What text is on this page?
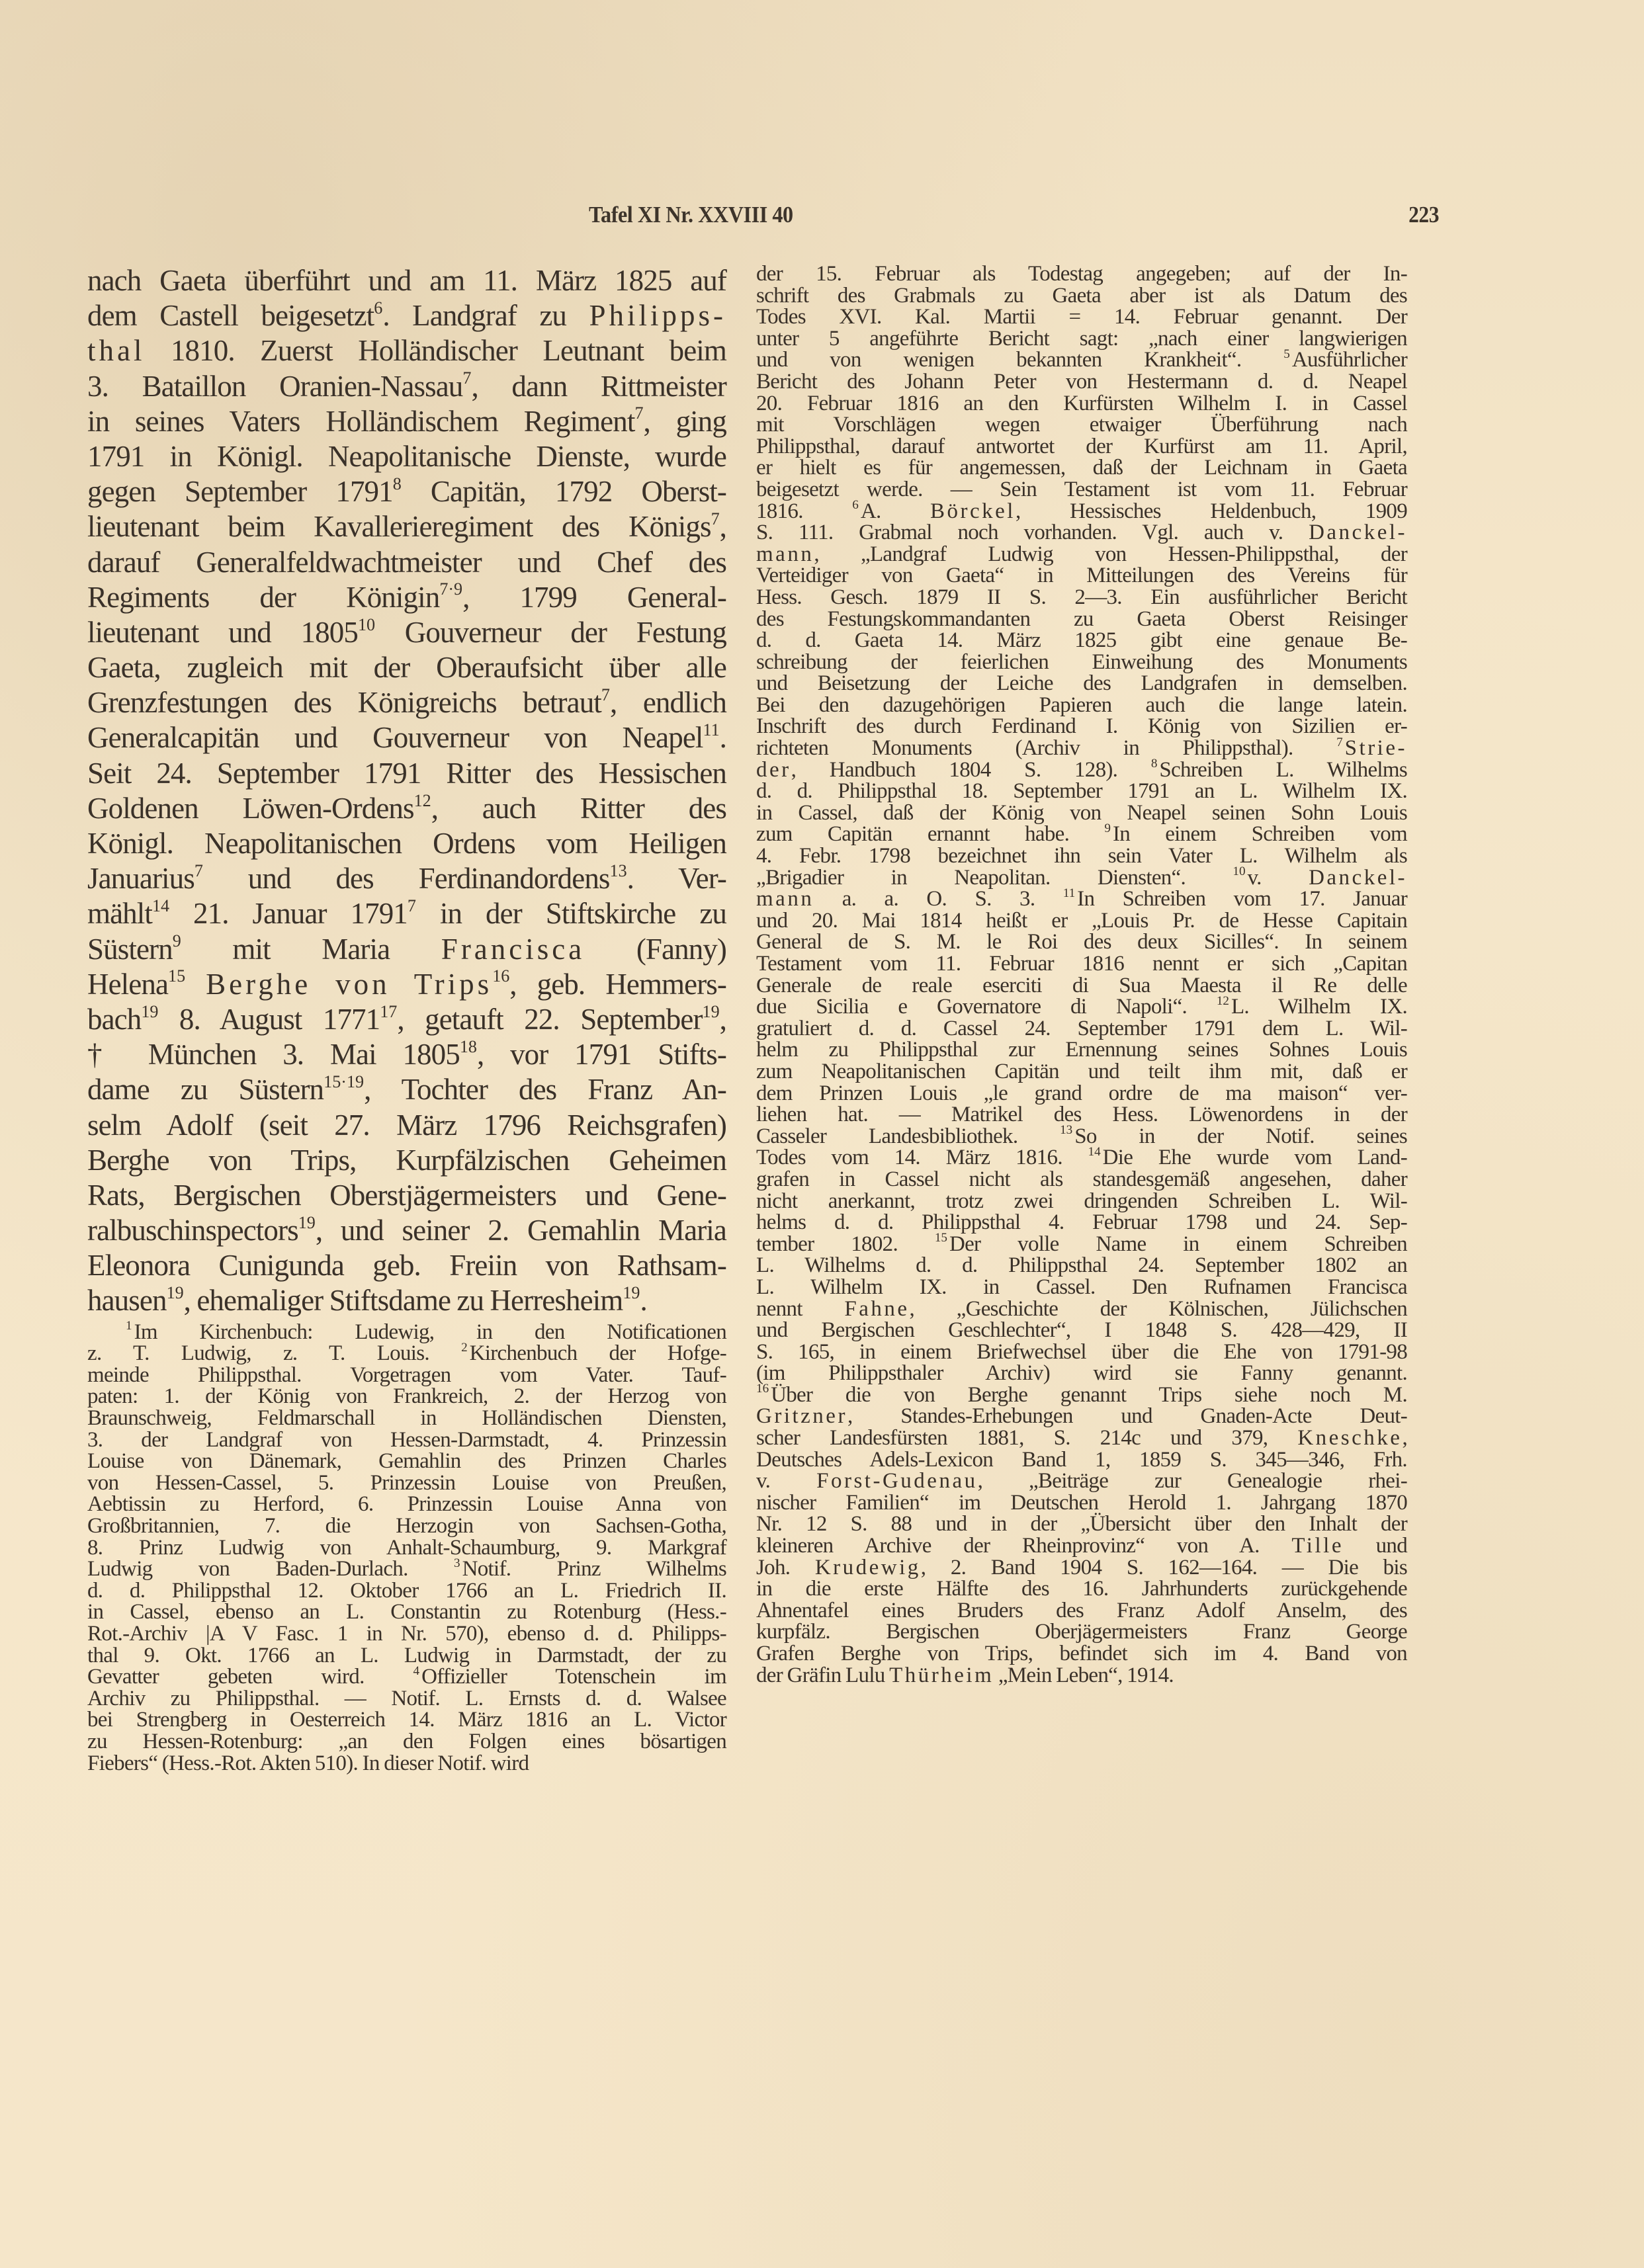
Tafel XI Nr. XXVIII 40	223
nach Gaeta überführt und am 11. März 1825 auf
dem Castell beigesetzt$^6$. Landgraf zu Philipps-
thal 1810. Zuerst Holländischer Leutnant beim
3. Bataillon Oranien-Nassau$^7$, dann Rittmeister
in seines Vaters Holländischem Regiment$^7$, ging
1791 in Königl. Neapolitanische Dienste, wurde
gegen September 1791$^8$ Capitän, 1792 Oberst-
lieutenant beim Kavallerieregiment des Königs$^7$,
darauf Generalfeldwachtmeister und Chef des
Regiments der Königin$^{7\cdot 9}$, 1799 General-
lieutenant und 1805$^{10}$ Gouverneur der Festung
Gaeta, zugleich mit der Oberaufsicht über alle
Grenzfestungen des Königreichs betraut$^7$, endlich
Generalcapitän und Gouverneur von Neapel$^{11}$.
Seit 24. September 1791 Ritter des Hessischen
Goldenen Löwen-Ordens$^{12}$, auch Ritter des
Königl. Neapolitanischen Ordens vom Heiligen
Januarius$^7$ und des Ferdinandordens$^{13}$. Ver-
mählt$^{14}$ 21. Januar 1791$^7$ in der Stiftskirche zu
Süstern$^9$ mit Maria Francisca (Fanny)
Helena$^{15}$ Berghe von Trips$^{16}$, geb. Hemmers-
bach$^{19}$ 8. August 1771$^{17}$, getauft 22. September$^{19}$,
† München 3. Mai 1805$^{18}$, vor 1791 Stifts-
dame zu Süstern$^{15\cdot 19}$, Tochter des Franz An-
selm Adolf (seit 27. März 1796 Reichsgrafen)
Berghe von Trips, Kurpfälzischen Geheimen
Rats, Bergischen Oberstjägermeisters und Gene-
ralbuschinspectors$^{19}$, und seiner 2. Gemahlin Maria
Eleonora Cunigunda geb. Freiin von Rathsam-
hausen$^{19}$, ehemaliger Stiftsdame zu Herresheim$^{19}$.
$^1$Im Kirchenbuch: Ludewig, in den Notificationen
z. T. Ludwig, z. T. Louis. $^2$Kirchenbuch der Hofge-
meinde Philippsthal. Vorgetragen vom Vater. Tauf-
paten: 1. der König von Frankreich, 2. der Herzog von
Braunschweig, Feldmarschall in Holländischen Diensten,
3. der Landgraf von Hessen-Darmstadt, 4. Prinzessin
Louise von Dänemark, Gemahlin des Prinzen Charles
von Hessen-Cassel, 5. Prinzessin Louise von Preußen,
Aebtissin zu Herford, 6. Prinzessin Louise Anna von
Großbritannien, 7. die Herzogin von Sachsen-Gotha,
8. Prinz Ludwig von Anhalt-Schaumburg, 9. Markgraf
Ludwig von Baden-Durlach. $^3$Notif. Prinz Wilhelms
d. d. Philippsthal 12. Oktober 1766 an L. Friedrich II.
in Cassel, ebenso an L. Constantin zu Rotenburg (Hess.-
Rot.-Archiv |A V Fasc. 1 in Nr. 570), ebenso d. d. Philipps-
thal 9. Okt. 1766 an L. Ludwig in Darmstadt, der zu
Gevatter gebeten wird. $^4$Offizieller Totenschein im
Archiv zu Philippsthal. — Notif. L. Ernsts d. d. Walsee
bei Strengberg in Oesterreich 14. März 1816 an L. Victor
zu Hessen-Rotenburg: „an den Folgen eines bösartigen
Fiebers“ (Hess.-Rot. Akten 510). In dieser Notif. wird
der 15. Februar als Todestag angegeben; auf der In-
schrift des Grabmals zu Gaeta aber ist als Datum des
Todes XVI. Kal. Martii = 14. Februar genannt. Der
unter 5 angeführte Bericht sagt: „nach einer langwierigen
und von wenigen bekannten Krankheit“. $^5$Ausführlicher
Bericht des Johann Peter von Hestermann d. d. Neapel
20. Februar 1816 an den Kurfürsten Wilhelm I. in Cassel
mit Vorschlägen wegen etwaiger Überführung nach
Philippsthal, darauf antwortet der Kurfürst am 11. April,
er hielt es für angemessen, daß der Leichnam in Gaeta
beigesetzt werde. — Sein Testament ist vom 11. Februar
1816. $^6$A. Börckel, Hessisches Heldenbuch, 1909
S. 111. Grabmal noch vorhanden. Vgl. auch v. Danckel-
mann, „Landgraf Ludwig von Hessen-Philippsthal, der
Verteidiger von Gaeta“ in Mitteilungen des Vereins für
Hess. Gesch. 1879 II S. 2—3. Ein ausführlicher Bericht
des Festungskommandanten zu Gaeta Oberst Reisinger
d. d. Gaeta 14. März 1825 gibt eine genaue Be-
schreibung der feierlichen Einweihung des Monuments
und Beisetzung der Leiche des Landgrafen in demselben.
Bei den dazugehörigen Papieren auch die lange latein.
Inschrift des durch Ferdinand I. König von Sizilien er-
richteten Monuments (Archiv in Philippsthal). $^7$Strie-
der, Handbuch 1804 S. 128). $^8$Schreiben L. Wilhelms
d. d. Philippsthal 18. September 1791 an L. Wilhelm IX.
in Cassel, daß der König von Neapel seinen Sohn Louis
zum Capitän ernannt habe. $^9$In einem Schreiben vom
4. Febr. 1798 bezeichnet ihn sein Vater L. Wilhelm als
„Brigadier in Neapolitan. Diensten“. $^{10}$v. Danckel-
mann a. a. O. S. 3. $^{11}$In Schreiben vom 17. Januar
und 20. Mai 1814 heißt er „Louis Pr. de Hesse Capitain
General de S. M. le Roi des deux Sicilles“. In seinem
Testament vom 11. Februar 1816 nennt er sich „Capitan
Generale de reale eserciti di Sua Maesta il Re delle
due Sicilia e Governatore di Napoli“. $^{12}$L. Wilhelm IX.
gratuliert d. d. Cassel 24. September 1791 dem L. Wil-
helm zu Philippsthal zur Ernennung seines Sohnes Louis
zum Neapolitanischen Capitän und teilt ihm mit, daß er
dem Prinzen Louis „le grand ordre de ma maison“ ver-
liehen hat. — Matrikel des Hess. Löwenordens in der
Casseler Landesbibliothek. $^{13}$So in der Notif. seines
Todes vom 14. März 1816. $^{14}$Die Ehe wurde vom Land-
grafen in Cassel nicht als standesgemäß angesehen, daher
nicht anerkannt, trotz zwei dringenden Schreiben L. Wil-
helms d. d. Philippsthal 4. Februar 1798 und 24. Sep-
tember 1802. $^{15}$Der volle Name in einem Schreiben
L. Wilhelms d. d. Philippsthal 24. September 1802 an
L. Wilhelm IX. in Cassel. Den Rufnamen Francisca
nennt Fahne, „Geschichte der Kölnischen, Jülichschen
und Bergischen Geschlechter“, I 1848 S. 428—429, II
S. 165, in einem Briefwechsel über die Ehe von 1791-98
(im Philippsthaler Archiv) wird sie Fanny genannt.
$^{16}$Über die von Berghe genannt Trips siehe noch M.
Gritzner, Standes-Erhebungen und Gnaden-Acte Deut-
scher Landesfürsten 1881, S. 214c und 379, Kneschke,
Deutsches Adels-Lexicon Band 1, 1859 S. 345—346, Frh.
v. Forst-Gudenau, „Beiträge zur Genealogie rhei-
nischer Familien“ im Deutschen Herold 1. Jahrgang 1870
Nr. 12 S. 88 und in der „Übersicht über den Inhalt der
kleineren Archive der Rheinprovinz“ von A. Tille und
Joh. Krudewig, 2. Band 1904 S. 162—164. — Die bis
in die erste Hälfte des 16. Jahrhunderts zurückgehende
Ahnentafel eines Bruders des Franz Adolf Anselm, des
kurpfälz. Bergischen Oberjägermeisters Franz George
Grafen Berghe von Trips, befindet sich im 4. Band von
der Gräfin Lulu Thürheim „Mein Leben“, 1914.
